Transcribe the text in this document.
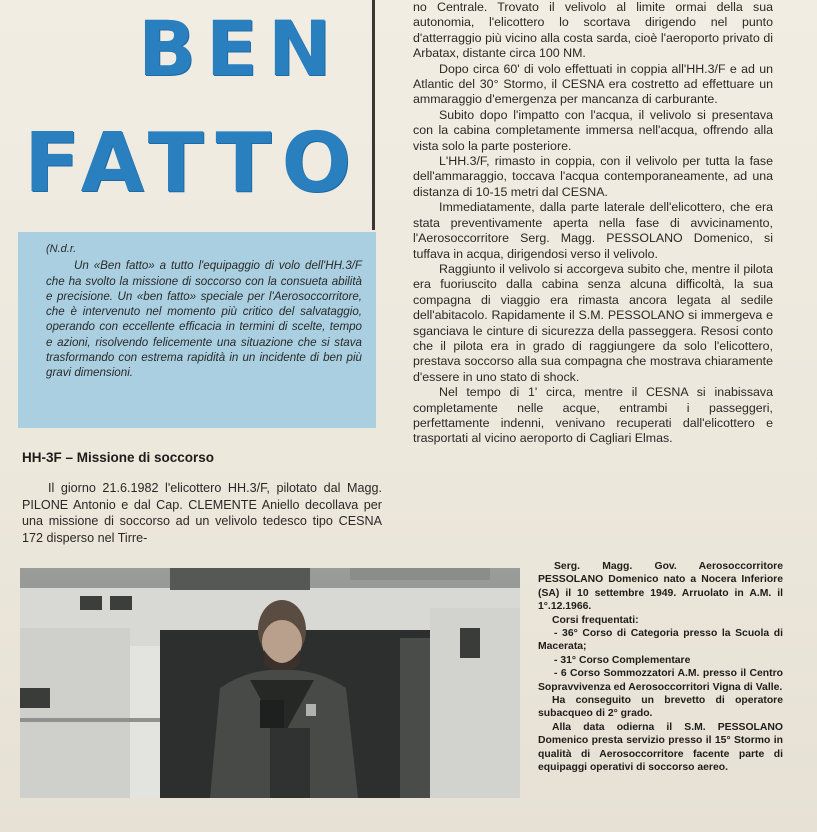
BEN
FATTO
(N.d.r.

Un «Ben fatto» a tutto l'equipaggio di volo dell'HH.3/F che ha svolto la missione di soccorso con la consueta abilità e precisione. Un «ben fatto» speciale per l'Aerosoccorritore, che è intervenuto nel momento più critico del salvataggio, operando con eccellente efficacia in termini di scelte, tempo e azioni, risolvendo felicemente una situazione che si stava trasformando con estrema rapidità in un incidente di ben più gravi dimensioni.

HH-3F – Missione di soccorso

Il giorno 21.6.1982 l'elicottero HH.3/F, pilotato dal Magg. PILONE Antonio e dal Cap. CLEMENTE Aniello decollava per una missione di soccorso ad un velivolo tedesco tipo CESNA 172 disperso nel Tirre-

no Centrale. Trovato il velivolo al limite ormai della sua autonomia, l'elicottero lo scortava dirigendo nel punto d'atterraggio più vicino alla costa sarda, cioè l'aeroporto privato di Arbatax, distante circa 100 NM.

Dopo circa 60' di volo effettuati in coppia all'HH.3/F e ad un Atlantic del 30° Stormo, il CESNA era costretto ad effettuare un ammaraggio d'emergenza per mancanza di carburante.

Subito dopo l'impatto con l'acqua, il velivolo si presentava con la cabina completamente immersa nell'acqua, offrendo alla vista solo la parte posteriore.

L'HH.3/F, rimasto in coppia, con il velivolo per tutta la fase dell'ammaraggio, toccava l'acqua contemporaneamente, ad una distanza di 10-15 metri dal CESNA.

Immediatamente, dalla parte laterale dell'elicottero, che era stata preventivamente aperta nella fase di avvicinamento, l'Aerosoccorritore Serg. Magg. PESSOLANO Domenico, si tuffava in acqua, dirigendosi verso il velivolo.

Raggiunto il velivolo si accorgeva subito che, mentre il pilota era fuoriuscito dalla cabina senza alcuna difficoltà, la sua compagna di viaggio era rimasta ancora legata al sedile dell'abitacolo. Rapidamente il S.M. PESSOLANO si immergeva e sganciava le cinture di sicurezza della passeggera. Resosi conto che il pilota era in grado di raggiungere da solo l'elicottero, prestava soccorso alla sua compagna che mostrava chiaramente d'essere in uno stato di shock.

Nel tempo di 1' circa, mentre il CESNA si inabissava completamente nelle acque, entrambi i passeggeri, perfettamente indenni, venivano recuperati dall'elicottero e trasportati al vicino aeroporto di Cagliari Elmas.

Serg. Magg. Gov. Aerosoccorritore PESSOLANO Domenico nato a Nocera Inferiore (SA) il 10 settembre 1949. Arruolato in A.M. il 1°.12.1966.

Corsi frequentati:

- 36° Corso di Categoria presso la Scuola di Macerata;

- 31° Corso Complementare

- 6 Corso Sommozzatori A.M. presso il Centro Sopravvivenza ed Aerosoccorritori Vigna di Valle.

Ha conseguito un brevetto di operatore subacqueo di 2° grado.

Alla data odierna il S.M. PESSOLANO Domenico presta servizio presso il 15° Stormo in qualità di Aerosoccorritore facente parte di equipaggi operativi di soccorso aereo.
